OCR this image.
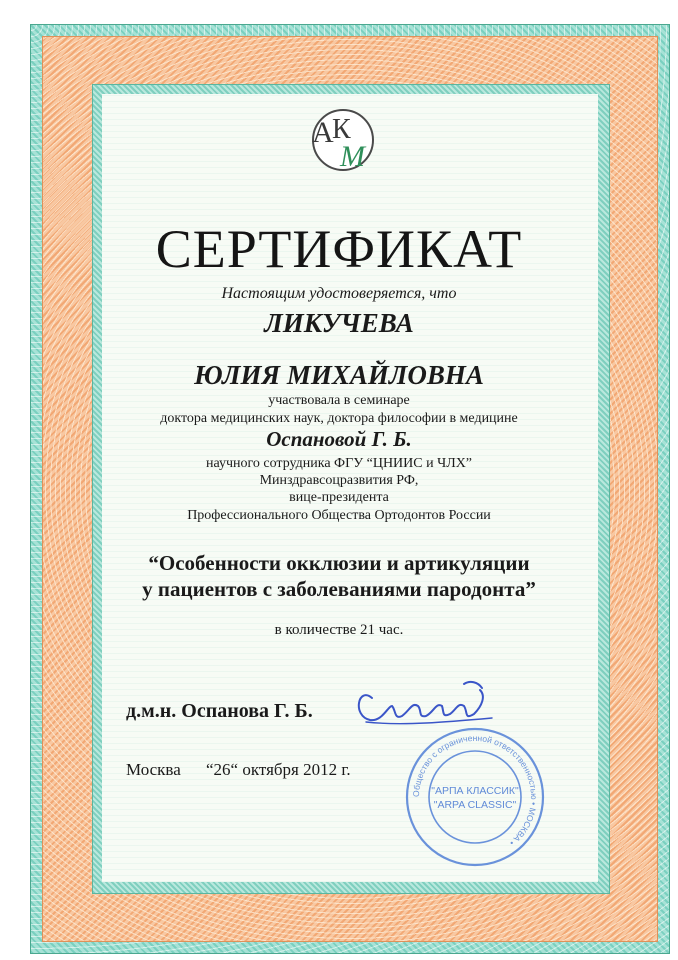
А
К
М
СЕРТИФИКАТ
Настоящим удостоверяется, что
ЛИКУЧЕВА
ЮЛИЯ МИХАЙЛОВНА
участвовала в семинаре
доктора медицинских наук, доктора философии в медицине
Оспановой Г. Б.
научного сотрудника ФГУ “ЦНИИС и ЧЛХ”
Минздравсоцразвития РФ,
вице-президента
Профессионального Общества Ортодонтов России
“Особенности окклюзии и артикуляции
у пациентов с заболеваниями пародонта”
в количестве 21 час.
д.м.н. Оспанова Г. Б.
Москва “26“ октября 2012 г.
Общество с ограниченной ответственностью • МОСКВА •
"АРПА КЛАССИК"
"ARPA CLASSIC"
